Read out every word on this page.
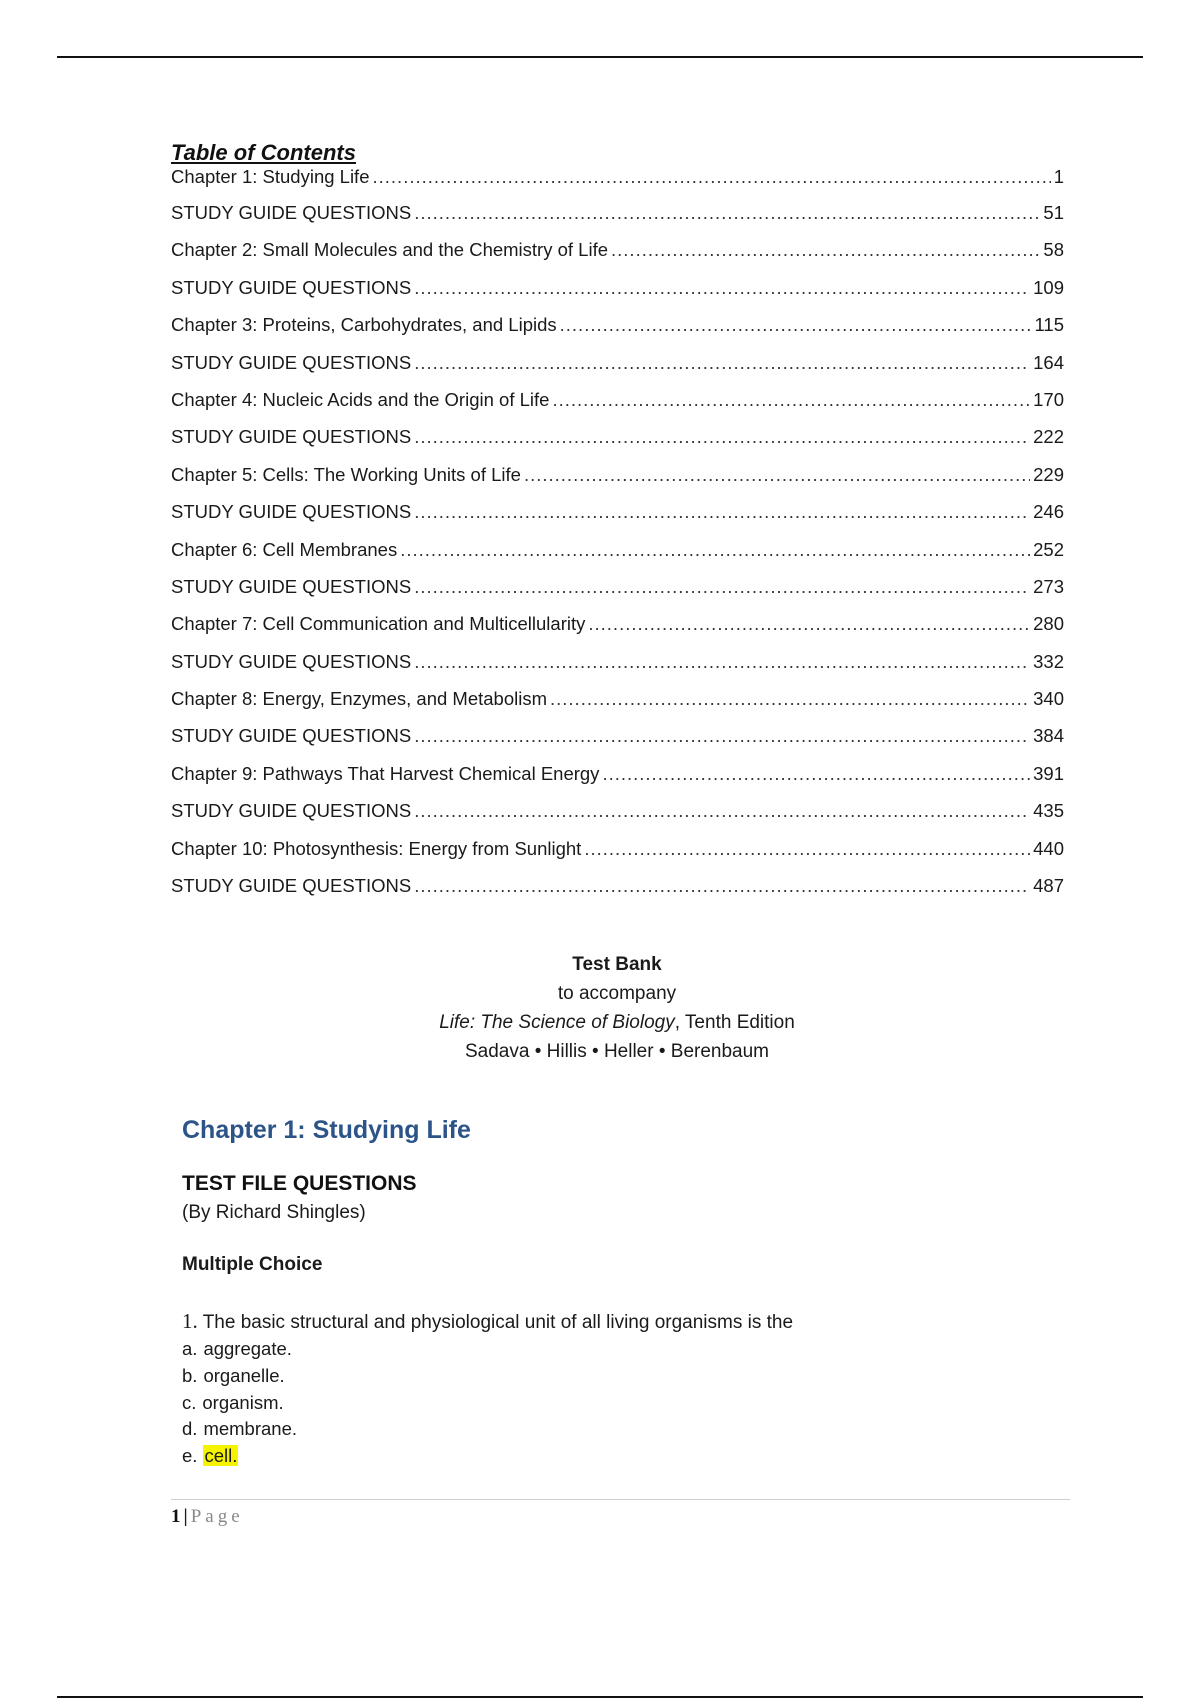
Table of Contents
Chapter 1: Studying Life .....	1
STUDY GUIDE QUESTIONS .....	51
Chapter 2: Small Molecules and the Chemistry of Life .....	58
STUDY GUIDE QUESTIONS .....	109
Chapter 3: Proteins, Carbohydrates, and Lipids .....	115
STUDY GUIDE QUESTIONS .....	164
Chapter 4: Nucleic Acids and the Origin of Life .....	170
STUDY GUIDE QUESTIONS .....	222
Chapter 5: Cells: The Working Units of Life .....	229
STUDY GUIDE QUESTIONS .....	246
Chapter 6: Cell Membranes .....	252
STUDY GUIDE QUESTIONS .....	273
Chapter 7: Cell Communication and Multicellularity .....	280
STUDY GUIDE QUESTIONS .....	332
Chapter 8: Energy, Enzymes, and Metabolism .....	340
STUDY GUIDE QUESTIONS .....	384
Chapter 9: Pathways That Harvest Chemical Energy .....	391
STUDY GUIDE QUESTIONS .....	435
Chapter 10: Photosynthesis: Energy from Sunlight .....	440
STUDY GUIDE QUESTIONS .....	487
Test Bank
to accompany
Life: The Science of Biology, Tenth Edition
Sadava • Hillis • Heller • Berenbaum
Chapter 1: Studying Life
TEST FILE QUESTIONS
(By Richard Shingles)
Multiple Choice
1. The basic structural and physiological unit of all living organisms is the
a. aggregate.
b. organelle.
c. organism.
d. membrane.
e. cell.
1 | Page
